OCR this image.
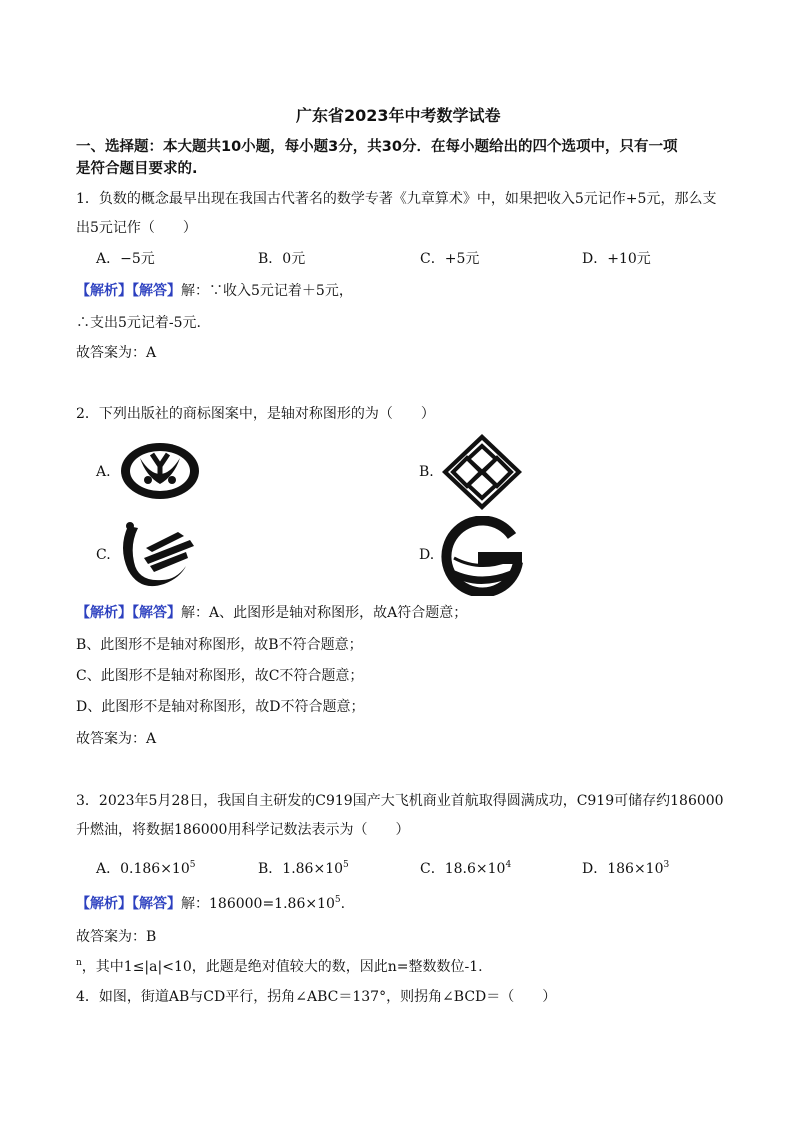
广东省2023年中考数学试卷
一、选择题：本大题共10小题，每小题3分，共30分．在每小题给出的四个选项中，只有一项
是符合题目要求的.
1．负数的概念最早出现在我国古代著名的数学专著《九章算术》中，如果把收入5元记作+5元，那么支
出5元记作（　　）
A．−5元	B．0元	C．+5元	D．+10元
【解析】【解答】解：∵收入5元记着＋5元，
∴支出5元记着-5元.
故答案为：A
2．下列出版社的商标图案中，是轴对称图形的为（　　）
A.	B.
C.	D.
【解析】【解答】解：A、此图形是轴对称图形，故A符合题意；
B、此图形不是轴对称图形，故B不符合题意；
C、此图形不是轴对称图形，故C不符合题意；
D、此图形不是轴对称图形，故D不符合题意；
故答案为：A
3．2023年5月28日，我国自主研发的C919国产大飞机商业首航取得圆满成功，C919可储存约186000
升燃油，将数据186000用科学记数法表示为（　　）
A．$0.186\times 10^5$	B．$1.86\times 10^5$	C．$18.6\times 10^4$	D．$186\times 10^3$
【解析】【解答】解：$186000=1.86\times 10^5$.
故答案为：B
$^n$，其中1≤|a|<10，此题是绝对值较大的数，因此n=整数数位-1.
4．如图，街道AB与CD平行，拐角∠ABC＝137°，则拐角∠BCD＝（　　）
